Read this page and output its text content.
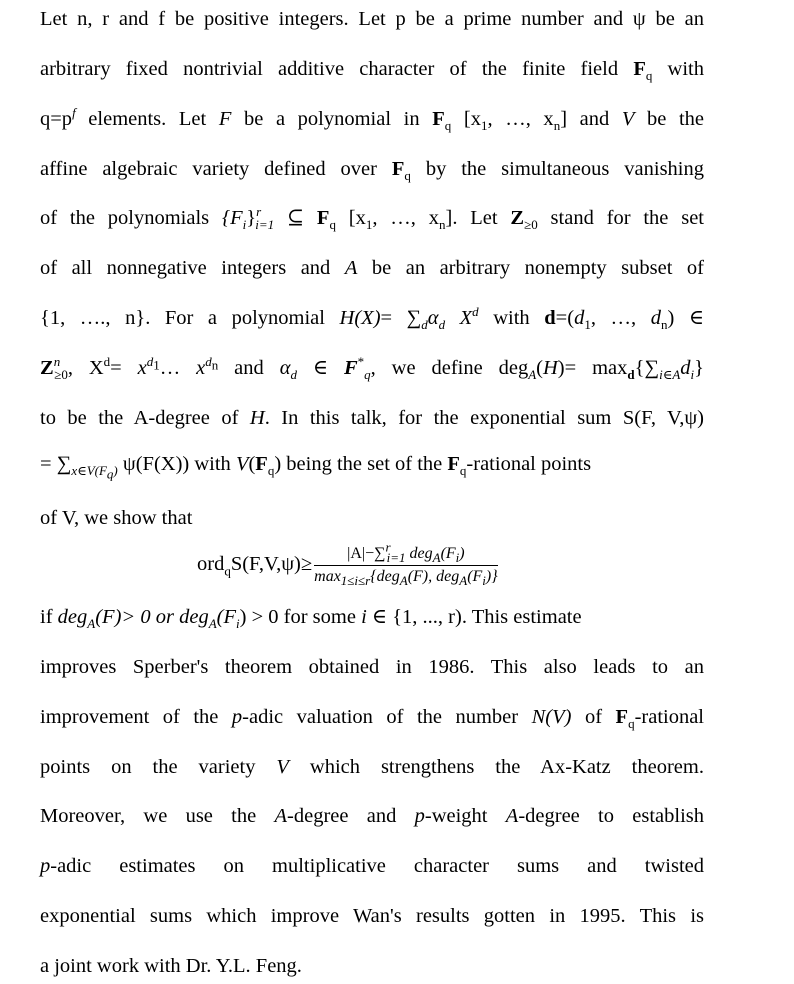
Let n, r and f be positive integers. Let p be a prime number and ψ be an
arbitrary fixed nontrivial additive character of the finite field $F_q$ with
$q=p^f$ elements. Let F be a polynomial in $F_q$ [$x_1$, …, $x_n$] and V be the
affine algebraic variety defined over $F_q$ by the simultaneous vanishing
of the polynomials $\{F_i\}^r_{i=1}$ ⊆ $F_q$ [$x_1$, …, $x_n$]. Let $Z_{\ge 0}$ stand for the set
of all nonnegative integers and A be an arbitrary nonempty subset of
{1, …., n}. For a polynomial $H(X)= \sum_d\alpha_d$ $X^d$ with $d=(d_1$, …, $d_n$) ∈
$Z^n_{\ge 0}$, $X^d=$ $x^{d_1}\dots$ $x^{d_n}$ and $\alpha_d$ ∈ $F^*_q$, we define $deg_A(H)= \max_d\{\sum_{i\in A}d_i\}$
to be the A-degree of H. In this talk, for the exponential sum S(F, V,ψ)
= $\sum_{x\in V(F_q)}$ ψ(F(X)) with $V(F_q)$ being the set of the $F_q$-rational points
of V, we show that
$ord_qS(F,V,\psi)\ge \frac{|A|-\sum^r_{i=1} deg_A(F_i)}{\max_{1\le i\le r}\{deg_A(F), deg_A(F_i)\}}$
if deg$_A$(F)> 0 or $deg_A(F_i) > 0$ for some i ∈ {1, ..., r). This estimate
improves Sperber's theorem obtained in 1986. This also leads to an
improvement of the p-adic valuation of the number N(V) of $F_q$-rational
points on the variety V which strengthens the Ax-Katz theorem.
Moreover, we use the A-degree and p-weight A-degree to establish
p-adic estimates on multiplicative character sums and twisted
exponential sums which improve Wan's results gotten in 1995. This is
a joint work with Dr. Y.L. Feng.
